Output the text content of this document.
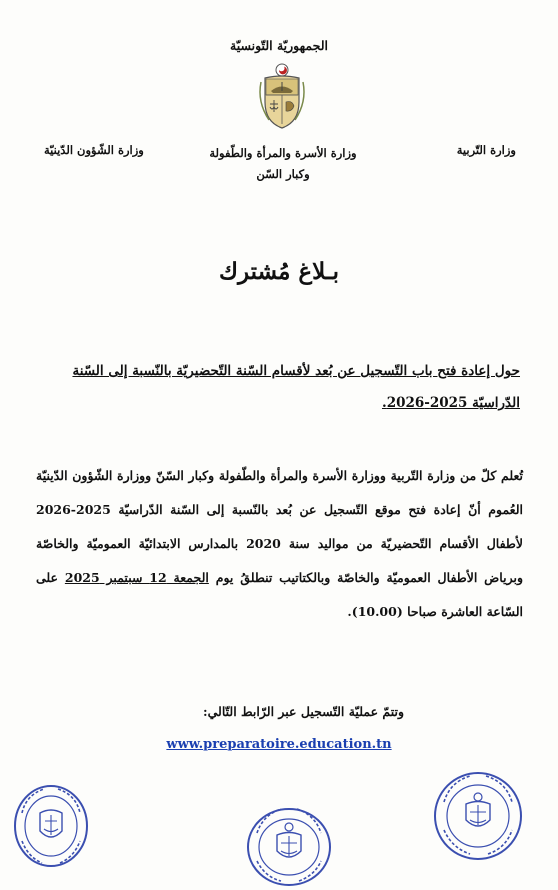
الجمهوريّة التّونسيّة
وزارة الشّؤون الدّينيّة	وزارة الأسرة والمرأة والطّفولة
وكبار السّن
وزارة التّربية
بـلاغ مُشترك
حول إعادة فتح باب التّسجيل عن بُعد لأقسام السّنة التّحضيريّة بالنّسبة إلى السّنة الدّراسيّة 2025-2026.
تُعلم كلّ من وزارة التّربية ووزارة الأسرة والمرأة والطّفولة وكبار السّنّ ووزارة الشّؤون الدّينيّة العُموم أنّ إعادة فتح موقع التّسجيل عن بُعد بالنّسبة إلى السّنة الدّراسيّة 2025-2026 لأطفال الأقسام التّحضيريّة من مواليد سنة 2020 بالمدارس الابتدائيّة العموميّة والخاصّة وبرياض الأطفال العموميّة والخاصّة وبالكتاتيب تنطلقُ يوم الجمعة 12 سبتمبر 2025 على السّاعة العاشرة صباحا (10.00).
وتتمّ عمليّة التّسجيل عبر الرّابط التّالي:
www.preparatoire.education.tn
